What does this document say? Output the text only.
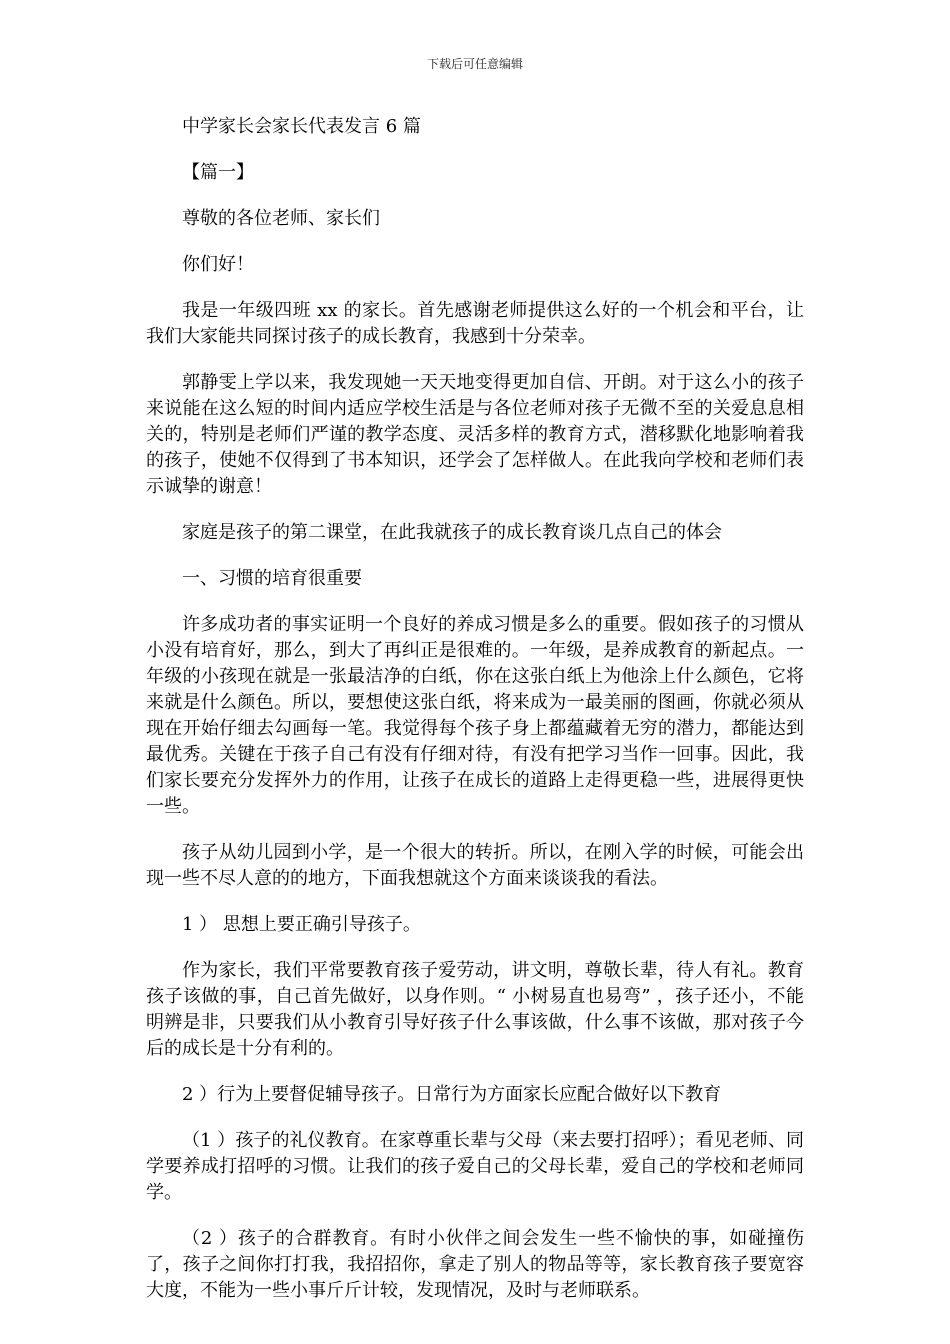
下载后可任意编辑

中学家长会家长代表发言 6 篇

【篇一】

尊敬的各位老师、家长们

你们好！

我是一年级四班 xx 的家长。首先感谢老师提供这么好的一个机会和平台，让我们大家能共同探讨孩子的成长教育，我感到十分荣幸。

郭静雯上学以来，我发现她一天天地变得更加自信、开朗。对于这么小的孩子来说能在这么短的时间内适应学校生活是与各位老师对孩子无微不至的关爱息息相关的，特别是老师们严谨的教学态度、灵活多样的教育方式，潜移默化地影响着我的孩子，使她不仅得到了书本知识，还学会了怎样做人。在此我向学校和老师们表示诚挚的谢意！

家庭是孩子的第二课堂，在此我就孩子的成长教育谈几点自己的体会

一、习惯的培育很重要

许多成功者的事实证明一个良好的养成习惯是多么的重要。假如孩子的习惯从小没有培育好，那么，到大了再纠正是很难的。一年级，是养成教育的新起点。一年级的小孩现在就是一张最洁净的白纸，你在这张白纸上为他涂上什么颜色，它将来就是什么颜色。所以，要想使这张白纸，将来成为一最美丽的图画，你就必须从现在开始仔细去勾画每一笔。我觉得每个孩子身上都蕴藏着无穷的潜力，都能达到最优秀。关键在于孩子自己有没有仔细对待，有没有把学习当作一回事。因此，我们家长要充分发挥外力的作用，让孩子在成长的道路上走得更稳一些，进展得更快一些。

孩子从幼儿园到小学，是一个很大的转折。所以，在刚入学的时候，可能会出现一些不尽人意的的地方，下面我想就这个方面来谈谈我的看法。

1 ） 思想上要正确引导孩子。

作为家长，我们平常要教育孩子爱劳动，讲文明，尊敬长辈，待人有礼。教育孩子该做的事，自己首先做好，以身作则。“ 小树易直也易弯” ，孩子还小，不能明辨是非，只要我们从小教育引导好孩子什么事该做，什么事不该做，那对孩子今后的成长是十分有利的。

2 ）行为上要督促辅导孩子。日常行为方面家长应配合做好以下教育

（1 ）孩子的礼仪教育。在家尊重长辈与父母（来去要打招呼）；看见老师、同学要养成打招呼的习惯。让我们的孩子爱自己的父母长辈，爱自己的学校和老师同学。

（2 ）孩子的合群教育。有时小伙伴之间会发生一些不愉快的事，如碰撞伤了，孩子之间你打打我，我招招你，拿走了别人的物品等等，家长教育孩子要宽容大度，不能为一些小事斤斤计较，发现情况，及时与老师联系。
